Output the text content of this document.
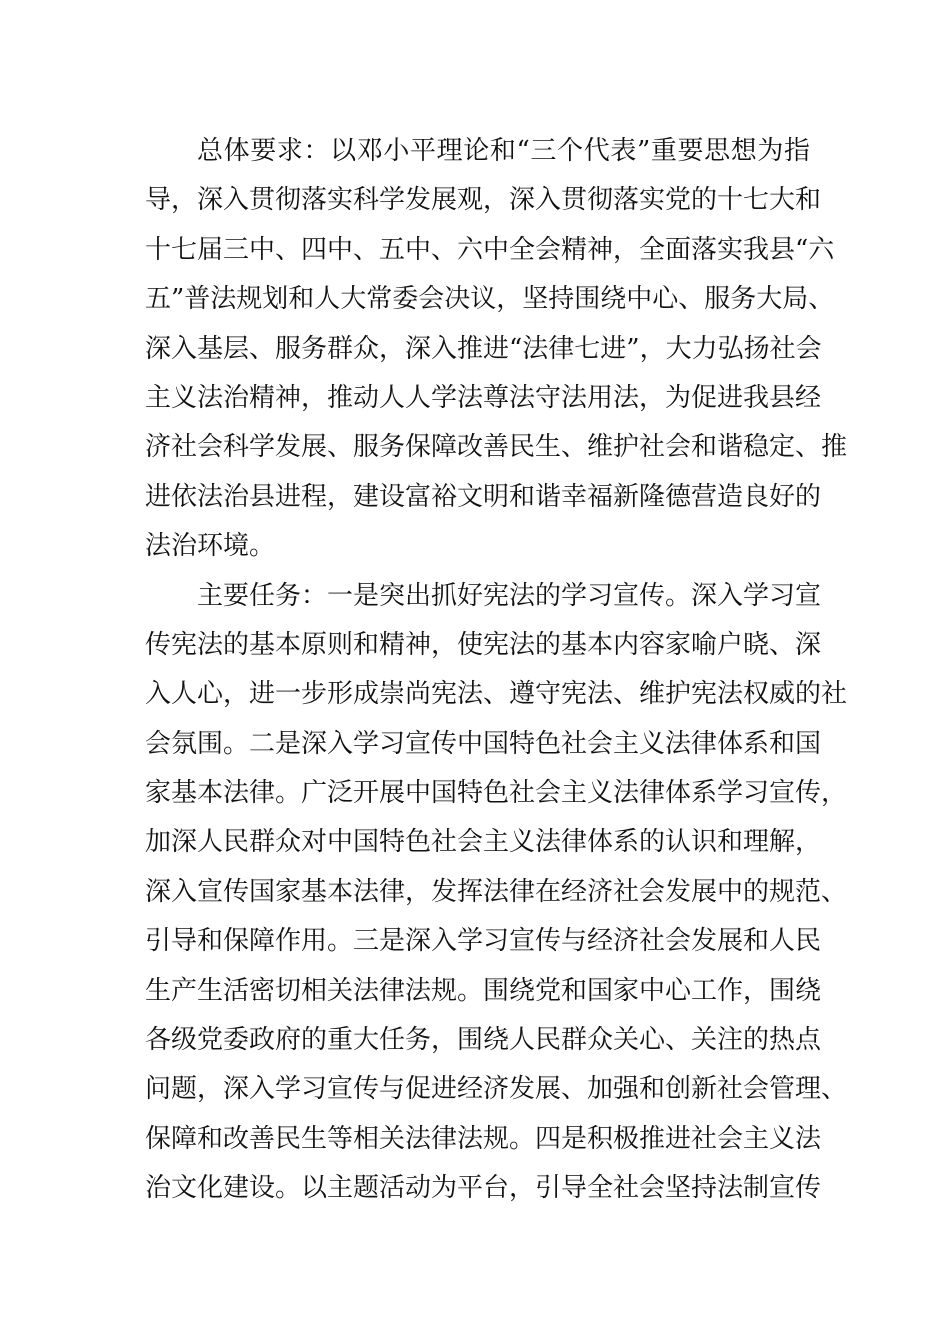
总体要求：以邓小平理论和“三个代表”重要思想为指
导，深入贯彻落实科学发展观，深入贯彻落实党的十七大和
十七届三中、四中、五中、六中全会精神，全面落实我县“六
五”普法规划和人大常委会决议，坚持围绕中心、服务大局、
深入基层、服务群众，深入推进“法律七进”，大力弘扬社会
主义法治精神，推动人人学法尊法守法用法，为促进我县经
济社会科学发展、服务保障改善民生、维护社会和谐稳定、推
进依法治县进程，建设富裕文明和谐幸福新隆德营造良好的
法治环境。
主要任务：一是突出抓好宪法的学习宣传。深入学习宣
传宪法的基本原则和精神，使宪法的基本内容家喻户晓、深
入人心，进一步形成崇尚宪法、遵守宪法、维护宪法权威的社
会氛围。二是深入学习宣传中国特色社会主义法律体系和国
家基本法律。广泛开展中国特色社会主义法律体系学习宣传，
加深人民群众对中国特色社会主义法律体系的认识和理解，
深入宣传国家基本法律，发挥法律在经济社会发展中的规范、
引导和保障作用。三是深入学习宣传与经济社会发展和人民
生产生活密切相关法律法规。围绕党和国家中心工作，围绕
各级党委政府的重大任务，围绕人民群众关心、关注的热点
问题，深入学习宣传与促进经济发展、加强和创新社会管理、
保障和改善民生等相关法律法规。四是积极推进社会主义法
治文化建设。以主题活动为平台，引导全社会坚持法制宣传
